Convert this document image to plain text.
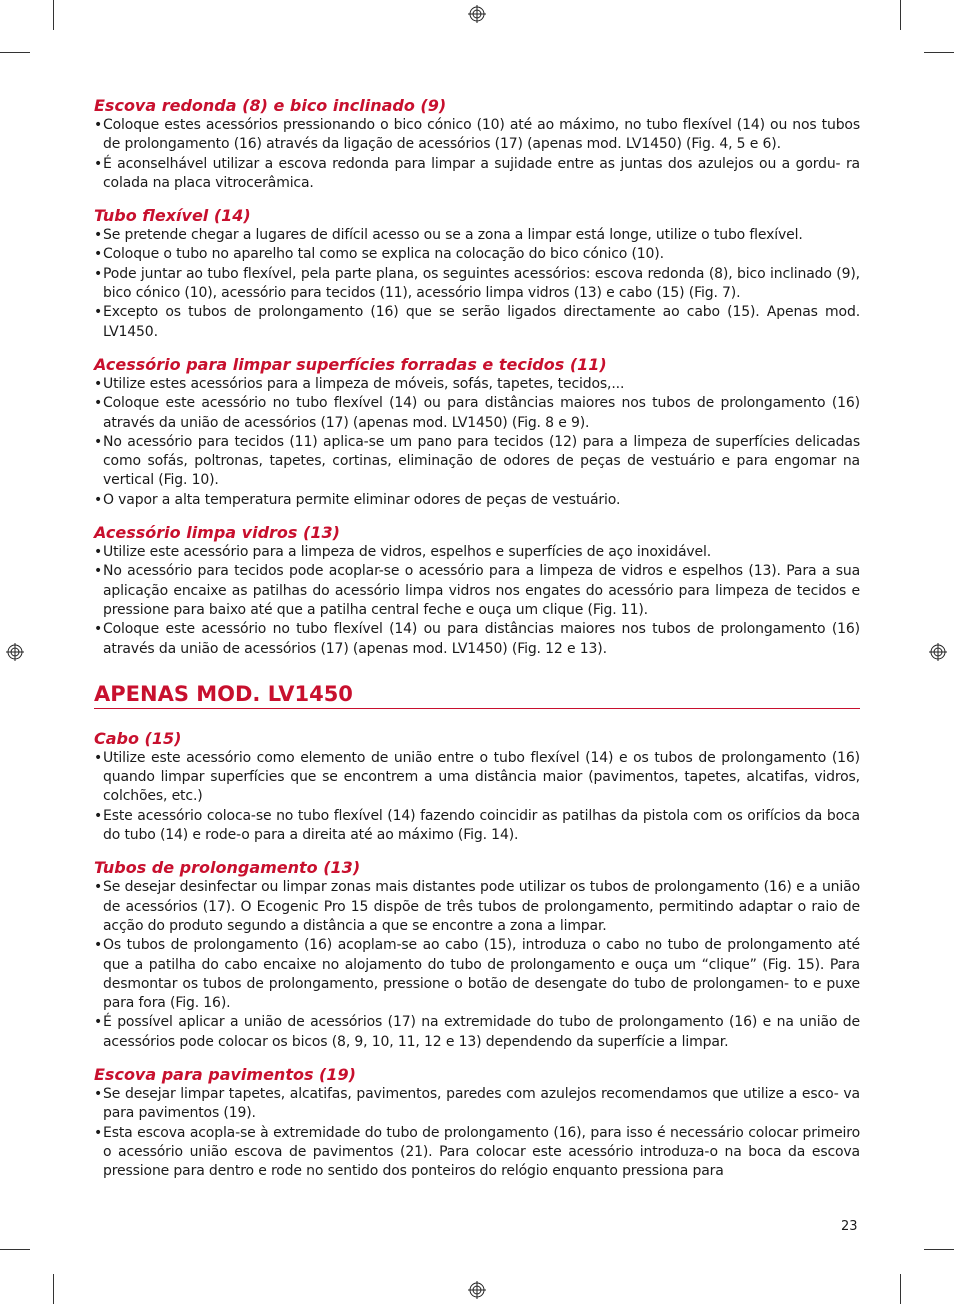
Escova redonda (8) e bico inclinado (9)
• Coloque estes acessórios pressionando o bico cónico (10) até ao máximo, no tubo flexível (14) ou nos tubos de prolongamento (16) através da ligação de acessórios (17) (apenas mod. LV1450) (Fig. 4, 5 e 6).
• É aconselhável utilizar a escova redonda para limpar a sujidade entre as juntas dos azulejos ou a gordu- ra colada na placa vitrocerâmica.
Tubo flexível (14)
• Se pretende chegar a lugares de difícil acesso ou se a zona a limpar está longe, utilize o tubo flexível.
• Coloque o tubo no aparelho tal como se explica na colocação do bico cónico (10).
• Pode juntar ao tubo flexível, pela parte plana, os seguintes acessórios: escova redonda (8), bico inclinado (9), bico cónico (10), acessório para tecidos (11), acessório limpa vidros (13) e cabo (15) (Fig. 7).
• Excepto os tubos de prolongamento (16) que se serão ligados directamente ao cabo (15). Apenas mod. LV1450.
Acessório para limpar superfícies forradas e tecidos (11)
• Utilize estes acessórios para a limpeza de móveis, sofás, tapetes, tecidos,...
• Coloque este acessório no tubo flexível (14) ou para distâncias maiores nos tubos de prolongamento (16) através da união de acessórios (17) (apenas mod. LV1450) (Fig. 8 e 9).
• No acessório para tecidos (11) aplica-se um pano para tecidos (12) para a limpeza de superfícies delicadas como sofás, poltronas, tapetes, cortinas, eliminação de odores de peças de vestuário e para engomar na vertical (Fig. 10).
• O vapor a alta temperatura permite eliminar odores de peças de vestuário.
Acessório limpa vidros (13)
• Utilize este acessório para a limpeza de vidros, espelhos e superfícies de aço inoxidável.
• No acessório para tecidos pode acoplar-se o acessório para a limpeza de vidros e espelhos (13). Para a sua aplicação encaixe as patilhas do acessório limpa vidros nos engates do acessório para limpeza de tecidos e pressione para baixo até que a patilha central feche e ouça um clique (Fig. 11).
• Coloque este acessório no tubo flexível (14) ou para distâncias maiores nos tubos de prolongamento (16) através da união de acessórios (17) (apenas mod. LV1450) (Fig. 12 e 13).
APENAS MOD. LV1450
Cabo (15)
• Utilize este acessório como elemento de união entre o tubo flexível (14) e os tubos de prolongamento (16) quando limpar superfícies que se encontrem a uma distância maior (pavimentos, tapetes, alcatifas, vidros, colchões, etc.)
• Este acessório coloca-se no tubo flexível (14) fazendo coincidir as patilhas da pistola com os orifícios da boca do tubo (14) e rode-o para a direita até ao máximo (Fig. 14).
Tubos de prolongamento (13)
• Se desejar desinfectar ou limpar zonas mais distantes pode utilizar os tubos de prolongamento (16) e a união de acessórios (17). O Ecogenic Pro 15 dispõe de três tubos de prolongamento, permitindo adaptar o raio de acção do produto segundo a distância a que se encontre a zona a limpar.
• Os tubos de prolongamento (16) acoplam-se ao cabo (15), introduza o cabo no tubo de prolongamento até que a patilha do cabo encaixe no alojamento do tubo de prolongamento e ouça um “clique” (Fig. 15). Para desmontar os tubos de prolongamento, pressione o botão de desengate do tubo de prolongamen- to e puxe para fora (Fig. 16).
• É possível aplicar a união de acessórios (17) na extremidade do tubo de prolongamento (16) e na união de acessórios pode colocar os bicos (8, 9, 10, 11, 12 e 13) dependendo da superfície a limpar.
Escova para pavimentos (19)
• Se desejar limpar tapetes, alcatifas, pavimentos, paredes com azulejos recomendamos que utilize a esco- va para pavimentos (19).
• Esta escova acopla-se à extremidade do tubo de prolongamento (16), para isso é necessário colocar primeiro o acessório união escova de pavimentos (21). Para colocar este acessório introduza-o na boca da escova pressione para dentro e rode no sentido dos ponteiros do relógio enquanto pressiona para
23
